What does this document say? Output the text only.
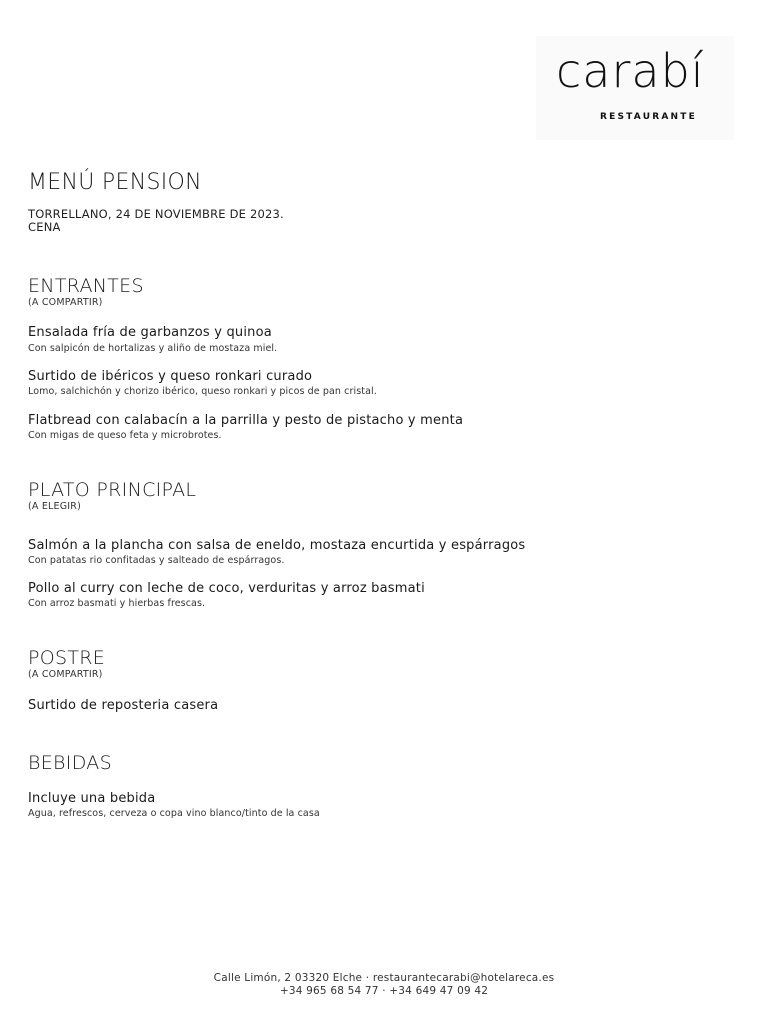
carabí
RESTAURANTE
MENÚ PENSION
TORRELLANO, 24 DE NOVIEMBRE DE 2023.
CENA
ENTRANTES
(A COMPARTIR)
Ensalada fría de garbanzos y quinoa
Con salpicón de hortalizas y aliño de mostaza miel.
Surtido de ibéricos y queso ronkari curado
Lomo, salchichón y chorizo ibérico, queso ronkari y picos de pan cristal.
Flatbread con calabacín a la parrilla y pesto de pistacho y menta
Con migas de queso feta y microbrotes.
PLATO PRINCIPAL
(A ELEGIR)
Salmón a la plancha con salsa de eneldo, mostaza encurtida y espárragos
Con patatas rio confitadas y salteado de espárragos.
Pollo al curry con leche de coco, verduritas y arroz basmati
Con arroz basmati y hierbas frescas.
POSTRE
(A COMPARTIR)
Surtido de reposteria casera
BEBIDAS
Incluye una bebida
Agua, refrescos, cerveza o copa vino blanco/tinto de la casa
Calle Limón, 2 03320 Elche · restaurantecarabi@hotelareca.es
+34 965 68 54 77 · +34 649 47 09 42
